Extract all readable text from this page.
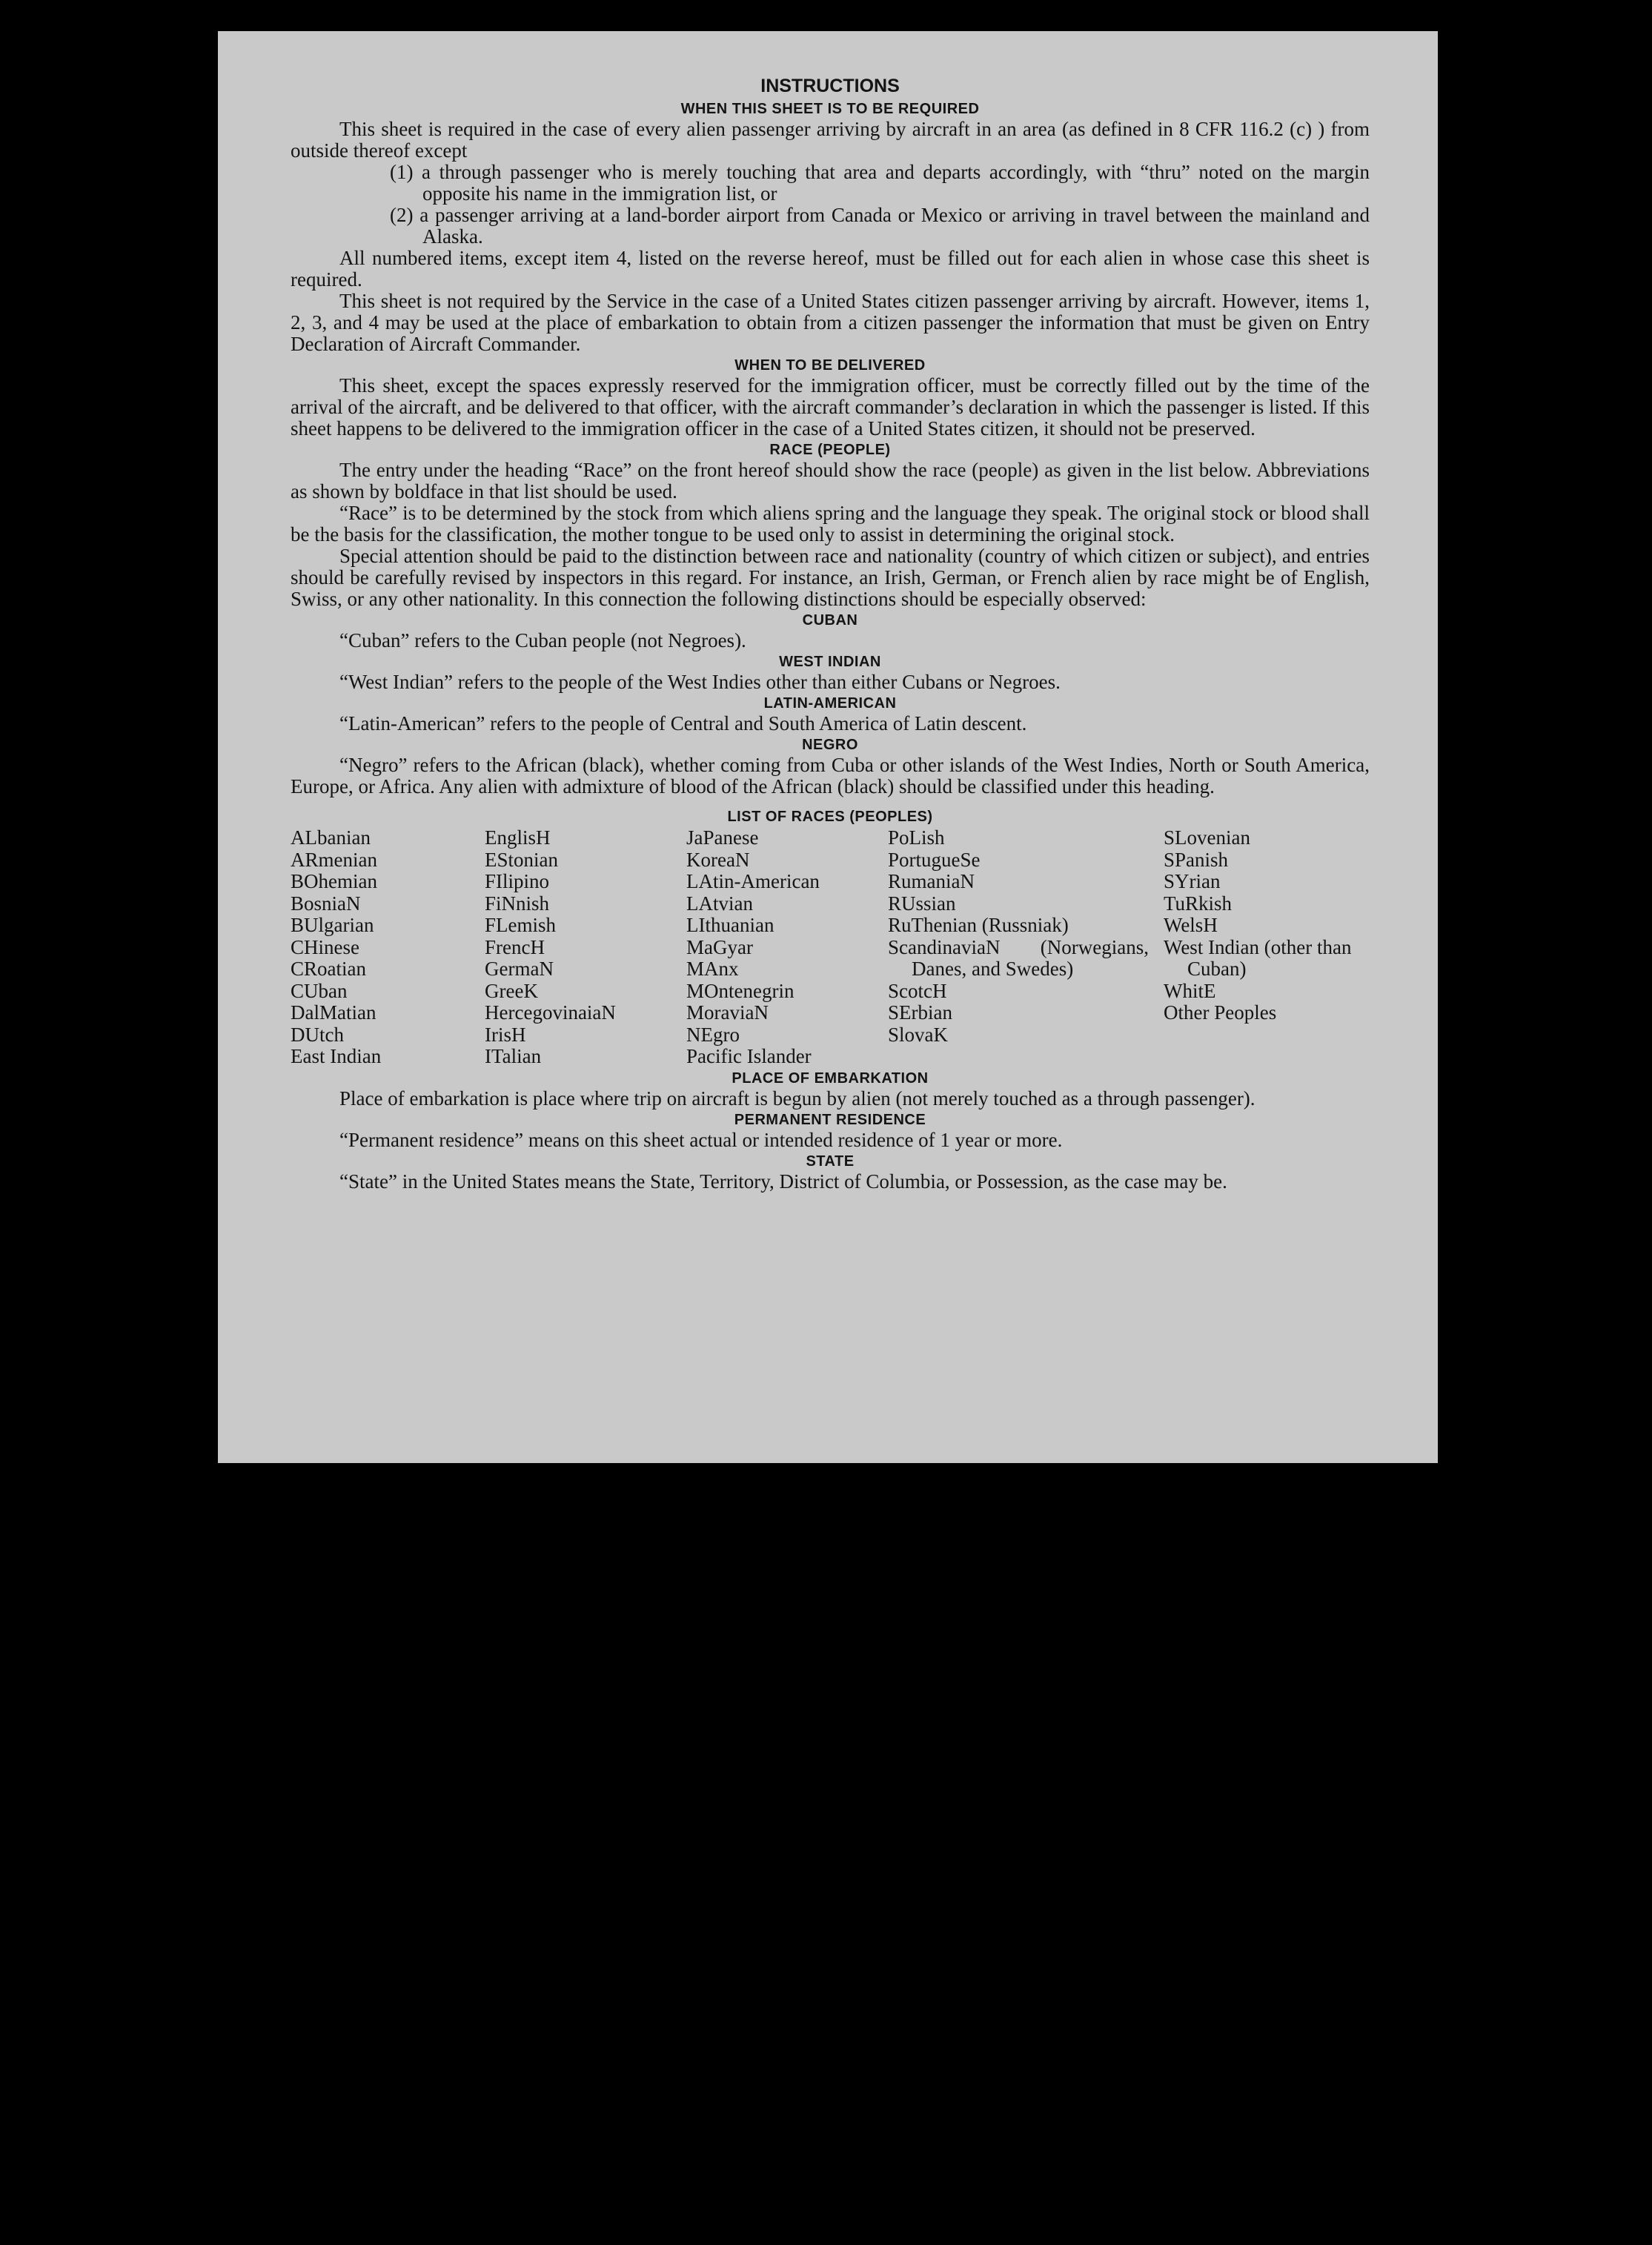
INSTRUCTIONS
WHEN THIS SHEET IS TO BE REQUIRED

This sheet is required in the case of every alien passenger arriving by aircraft in an area (as defined in 8 CFR 116.2 (c) ) from outside thereof except

(1) a through passenger who is merely touching that area and departs accordingly, with “thru” noted on the margin opposite his name in the immigration list, or

(2) a passenger arriving at a land-border airport from Canada or Mexico or arriving in travel between the mainland and Alaska.

All numbered items, except item 4, listed on the reverse hereof, must be filled out for each alien in whose case this sheet is required.

This sheet is not required by the Service in the case of a United States citizen passenger arriving by aircraft. However, items 1, 2, 3, and 4 may be used at the place of embarkation to obtain from a citizen passenger the information that must be given on Entry Declaration of Aircraft Commander.

WHEN TO BE DELIVERED

This sheet, except the spaces expressly reserved for the immigration officer, must be correctly filled out by the time of the arrival of the aircraft, and be delivered to that officer, with the aircraft commander’s declaration in which the passenger is listed. If this sheet happens to be delivered to the immigration officer in the case of a United States citizen, it should not be preserved.

RACE (PEOPLE)

The entry under the heading “Race” on the front hereof should show the race (people) as given in the list below. Abbreviations as shown by boldface in that list should be used.

“Race” is to be determined by the stock from which aliens spring and the language they speak. The original stock or blood shall be the basis for the classification, the mother tongue to be used only to assist in determining the original stock.

Special attention should be paid to the distinction between race and nationality (country of which citizen or subject), and entries should be carefully revised by inspectors in this regard. For instance, an Irish, German, or French alien by race might be of English, Swiss, or any other nationality. In this connection the following distinctions should be especially observed:

CUBAN

“Cuban” refers to the Cuban people (not Negroes).

WEST INDIAN

“West Indian” refers to the people of the West Indies other than either Cubans or Negroes.

LATIN-AMERICAN

“Latin-American” refers to the people of Central and South America of Latin descent.

NEGRO

“Negro” refers to the African (black), whether coming from Cuba or other islands of the West Indies, North or South America, Europe, or Africa. Any alien with admixture of blood of the African (black) should be classified under this heading.

LIST OF RACES (PEOPLES)
ALbanian
ARmenian
BOhemian
BosniaN
BUlgarian
CHinese
CRoatian
CUban
DalMatian
DUtch
East Indian
EnglisH
EStonian
FIlipino
FiNnish
FLemish
FrencH
GermaN
GreeK
HercegovinaiaN
IrisH
ITalian
JaPanese
KoreaN
LAtin-American
LAtvian
LIthuanian
MaGyar
MAnx
MOntenegrin
MoraviaN
NEgro
Pacific Islander
PoLish
PortugueSe
RumaniaN
RUssian
RuThenian (Russniak)
ScandinaviaN (Norwegians, Danes, and Swedes)
ScotcH
SErbian
SlovaK
SLovenian
SPanish
SYrian
TuRkish
WelsH
West Indian (other than Cuban)
WhitE
Other Peoples
PLACE OF EMBARKATION

Place of embarkation is place where trip on aircraft is begun by alien (not merely touched as a through passenger).

PERMANENT RESIDENCE

“Permanent residence” means on this sheet actual or intended residence of 1 year or more.

STATE

“State” in the United States means the State, Territory, District of Columbia, or Possession, as the case may be.
